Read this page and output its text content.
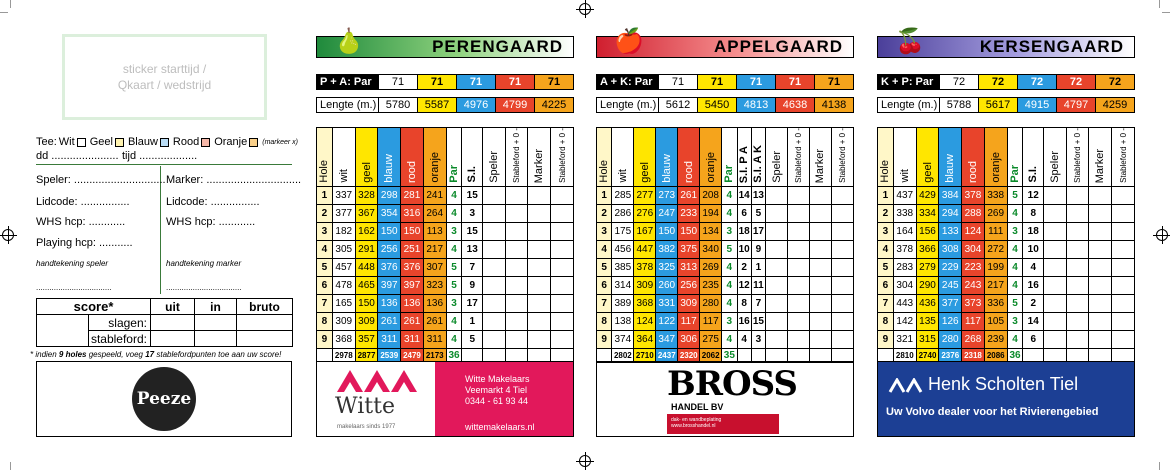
sticker starttijd /
Qkaart / wedstrijd
Tee: Wit Geel Blauw Rood Oranje (markeer x)
dd ...................... tijd ...................
Speler: .............................. Marker: ...............................
Lidcode: ................	Lidcode: ................
WHS hcp: ............	WHS hcp: ............
Playing hcp: ...........
handtekening speler	handtekening marker
..................................	..................................
score*		uit	in	bruto
	slagen:			
	stableford:			
* indien 9 holes gespeeld, voeg 17 stablefordpunten toe aan uw score!
Peeze
PERENGAARD
🍐
P + A: Par	71	71	71	71	71
Lengte (m.) 5780	5587	4976	4799	4225
Hole	wit	geel	blauw	rood	oranje	Par	S.I.	Speler	Stableford + 0 -	Marker	Stableford + 0 -
1	337	328	298	281	241	4	15				
2	377	367	354	316	264	4	3				
3	182	162	150	150	113	3	15				
4	305	291	256	251	217	4	13				
5	457	448	376	376	307	5	7				
6	478	465	397	397	323	5	9				
7	165	150	136	136	136	3	17				
8	309	309	261	261	261	4	1				
9	368	357	311	311	311	4	5				
	2978	2877	2539	2479	2173	36					
Witte
makelaars sinds 1977
Witte Makelaars
Veemarkt 4 Tiel
0344 - 61 93 44
wittemakelaars.nl
APPELGAARD
🍎
A + K: Par	71	71	71	71	71
Lengte (m.) 5612	5450	4813	4638	4138
Hole	wit	geel	blauw	rood	oranje	Par	S.I. P A	S.I. A K	Speler	Stableford + 0 -	Marker	Stableford + 0 -
1	285	277	273	261	208	4	14	13				
2	286	276	247	233	194	4	6	5				
3	175	167	150	150	134	3	18	17				
4	456	447	382	375	340	5	10	9				
5	385	378	325	313	269	4	2	1				
6	314	309	260	256	235	4	12	11				
7	389	368	331	309	280	4	8	7				
8	138	124	122	117	117	3	16	15				
9	374	364	347	306	275	4	4	3				
	2802	2710	2437	2320	2062	35						
BROSS
HANDEL BV
dak- en wandbeplating
www.brosshandel.nl
KERSENGAARD
🍒
K + P: Par	72	72	72	72	72
Lengte (m.) 5788	5617	4915	4797	4259
Hole	wit	geel	blauw	rood	oranje	Par	S.I.	Speler	Stableford + 0 -	Marker	Stableford + 0 -
1	437	429	384	378	338	5	12				
2	338	334	294	288	269	4	8				
3	164	156	133	124	111	3	18				
4	378	366	308	304	272	4	10				
5	283	279	229	223	199	4	4				
6	304	290	245	243	217	4	16				
7	443	436	377	373	336	5	2				
8	142	135	126	117	105	3	14				
9	321	315	280	268	239	4	6				
	2810	2740	2376	2318	2086	36					
Henk Scholten Tiel
Uw Volvo dealer voor het Rivierengebied
